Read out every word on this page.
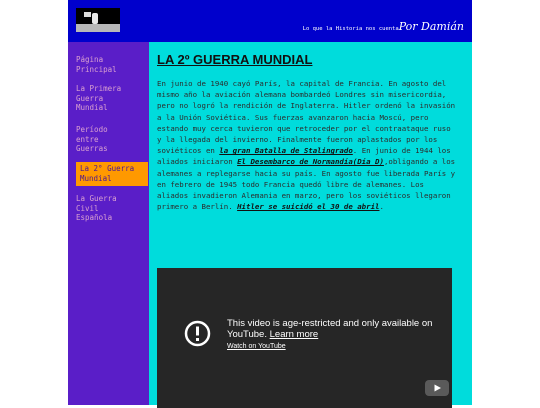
Lo que la Historia nos cuentaPor Damián
Página
Principal
La Primera
Guerra
Mundial
Período
entre
Guerras
La 2° Guerra
Mundial
La Guerra
Civil
Española
LA 2º GUERRA MUNDIAL
En junio de 1940 cayó París, la capital de Francia. En agosto del mismo año la aviación alemana bombardeó Londres sin misericordia, pero no logró la rendición de Inglaterra. Hitler ordenó la invasión a la Unión Soviética. Sus fuerzas avanzaron hacia Moscú, pero estando muy cerca tuvieron que retroceder por el contraataque ruso y la llegada del invierno. Finalmente fueron aplastados por los soviéticos en la gran Batalla de Stalingrado. En junio de 1944 los aliados iniciaron El Desembarco de Normandía(Día D),obligando a los alemanes a replegarse hacia su país. En agosto fue liberada París y en febrero de 1945 todo Francia quedó libre de alemanes. Los aliados invadieron Alemania en marzo, pero los soviéticos llegaron primero a Berlín. Hitler se suicidó el 30 de abril.
This video is age-restricted and only available on YouTube. Learn more
Watch on YouTube
